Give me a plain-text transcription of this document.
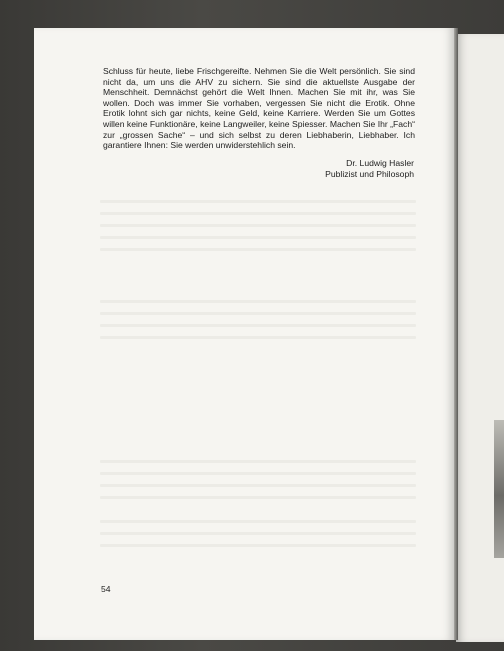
Schluss für heute, liebe Frischgereifte. Nehmen Sie die Welt persönlich. Sie sind nicht da, um uns die AHV zu sichern. Sie sind die aktuellste Ausgabe der Menschheit. Demnächst gehört die Welt Ihnen. Machen Sie mit ihr, was Sie wollen. Doch was immer Sie vorhaben, vergessen Sie nicht die Erotik. Ohne Erotik lohnt sich gar nichts, keine Geld, keine Karriere. Werden Sie um Gottes willen keine Funktionäre, keine Langweiler, keine Spiesser. Machen Sie Ihr „Fach“ zur „grossen Sache“ – und sich selbst zu deren Liebhaberin, Liebhaber. Ich garantiere Ihnen: Sie werden unwiderstehlich sein.

Dr. Ludwig Hasler
Publizist und Philosoph
54
